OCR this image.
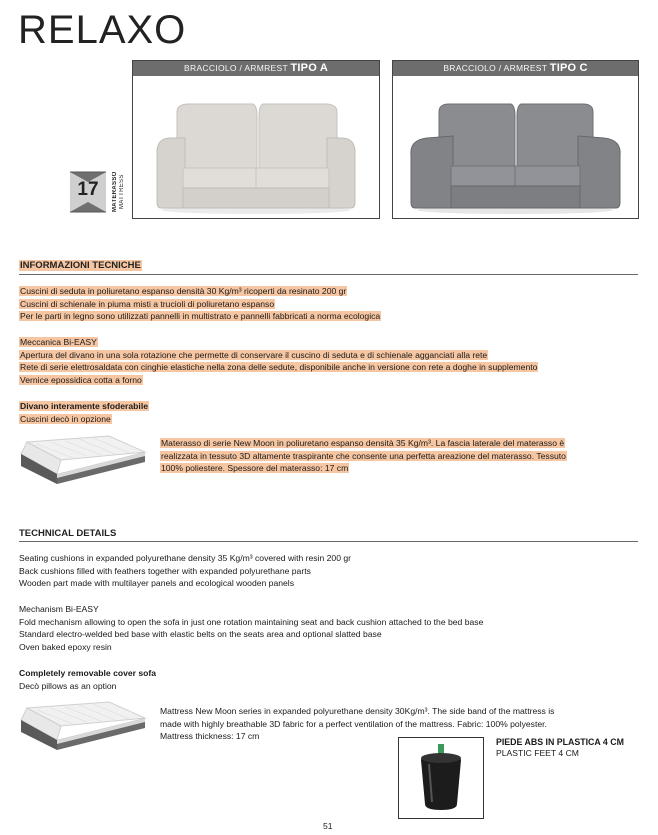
RELAXO
BRACCIOLO / ARMREST TIPO A	BRACCIOLO / ARMREST TIPO C
17	MATERASSO MATTRESS
INFORMAZIONI TECNICHE
Cuscini di seduta in poliuretano espanso densità 30 Kg/m³ ricoperti da resinato 200 gr
Cuscini di schienale in piuma misti a trucioli di poliuretano espanso
Per le parti in legno sono utilizzati pannelli in multistrato e pannelli fabbricati a norma ecologica
Meccanica Bi-EASY
Apertura del divano in una sola rotazione che permette di conservare il cuscino di seduta e di schienale agganciati alla rete
Rete di serie elettrosaldata con cinghie elastiche nella zona delle sedute, disponibile anche in versione con rete a doghe in supplemento
Vernice epossidica cotta a forno
Divano interamente sfoderabile
Cuscini decò in opzione
Materasso di serie New Moon in poliuretano espanso densità 35 Kg/m³. La fascia laterale del materasso è
realizzata in tessuto 3D altamente traspirante che consente una perfetta areazione del materasso. Tessuto
100% poliestere. Spessore del materasso: 17 cm
TECHNICAL DETAILS
Seating cushions in expanded polyurethane density 35 Kg/m³ covered with resin 200 gr
Back cushions filled with feathers together with expanded polyurethane parts
Wooden part made with multilayer panels and ecological wooden panels
Mechanism Bi-EASY
Fold mechanism allowing to open the sofa in just one rotation maintaining seat and back cushion attached to the bed base
Standard electro-welded bed base with elastic belts on the seats area and optional slatted base
Oven baked epoxy resin
Completely removable cover sofa
Decò pillows as an option
Mattress New Moon series in expanded polyurethane density 30Kg/m³. The side band of the mattress is
made with highly breathable 3D fabric for a perfect ventilation of the mattress. Fabric: 100% polyester.
Mattress thickness: 17 cm
PIEDE ABS IN PLASTICA 4 CM
PLASTIC FEET 4 CM
51
